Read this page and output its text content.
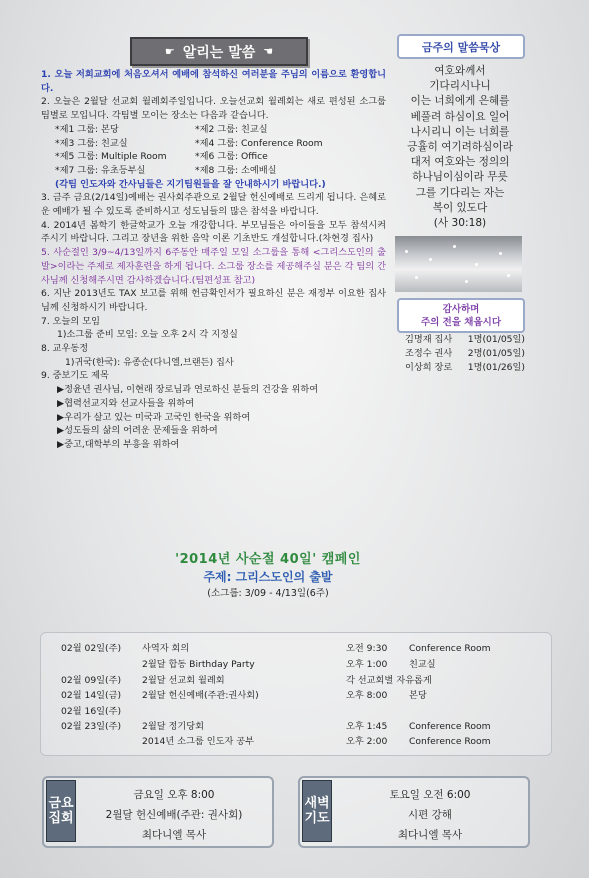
☛ 알리는 말씀 ☚

1. 오늘 저희교회에 처음오셔서 예배에 참석하신 여러분을 주님의 이름으로 환영합니다.

2. 오늘은 2월달 선교회 월례회주일입니다. 오늘선교회 월례회는 새로 편성된 소그룹 팀별로 모입니다. 각팀별 모이는 장소는 다음과 같습니다.

*제1 그룹: 본당	*제2 그룹: 친교실
*제3 그룹: 친교실	*제4 그룹: Conference Room
*제5 그룹: Multiple Room	*제6 그룹: Office
*제7 그룹: 유초등부실	*제8 그룹: 소예배실

(각팀 인도자와 간사님들은 지기팀원들을 잘 안내하시기 바랍니다.)

3. 금주 금요(2/14일)예배는 권사회주관으로 2월달 헌신예배로 드리게 됩니다. 은혜로운 예배가 될 수 있도록 준비하시고 성도님들의 많은 참석을 바랍니다.

4. 2014년 봄학기 한글학교가 오늘 개강합니다. 부모님들은 아이들을 모두 참석시켜주시기 바랍니다. 그리고 장년을 위한 음악 이론 기초반도 개설합니다.(차현경 집사)

5. 사순절인 3/9~4/13일까지 6주동안 매주일 모일 소그룹을 통해 <그리스도인의 출발>이라는 주제로 제자훈련을 하게 됩니다. 소그룹 장소를 제공해주실 분은 각 팀의 간사님께 신청해주시면 감사하겠습니다.(팀편성표 참고)

6. 지난 2013년도 TAX 보고를 위해 헌금확인서가 필요하신 분은 재정부 이요한 집사님께 신청하시기 바랍니다.

7. 오늘의 모임

1)소그룹 준비 모임: 오늘 오후 2시 각 지정실

8. 교우동정

1)귀국(한국): 유종순(다니엘,브랜든) 집사

9. 중보기도 제목

▶정윤년 권사님, 이현래 장로님과 연로하신 분들의 건강을 위하여

▶협력선교지와 선교사들을 위하여

▶우리가 살고 있는 미국과 고국인 한국을 위하여

▶성도들의 삶의 어려운 문제들을 위하여

▶중고,대학부의 부흥을 위하여

금주의 말씀묵상
여호와께서
기다리시나니
이는 너희에게 은혜를
베풀려 하심이요 일어
나시리니 이는 너희를
긍휼히 여기려하심이라
대저 여호와는 정의의
하나님이심이라 무릇
그를 기다리는 자는
복이 있도다
(사 30:18)
감사하며
주의 전을 채웁시다
김명재 집사 1명(01/05일)
조정수 권사 2명(01/05일)
이상희 장로 1명(01/26일)
'2014년 사순절 40일' 캠페인
주제: 그리스도인의 출발
(소그룹: 3/09 - 4/13일(6주)
02월 02일(주) 사역자 회의	오전 9:30 Conference Room
2월달 합동 Birthday Party	오후 1:00 친교실
02월 09일(주) 2월달 선교회 월례회	각 선교회별 자유롭게
02월 14일(금) 2월달 헌신예배(주관:권사회)	오후 8:00 본당
02월 16일(주)
02월 23일(주) 2월달 정기당회	오후 1:45 Conference Room
2014년 소그룹 인도자 공부	오후 2:00 Conference Room
금요
집회
금요일 오후 8:00
2월달 헌신예배(주관: 권사회)
최다니엘 목사
새벽
기도
토요일 오전 6:00
시편 강해
최다니엘 목사
